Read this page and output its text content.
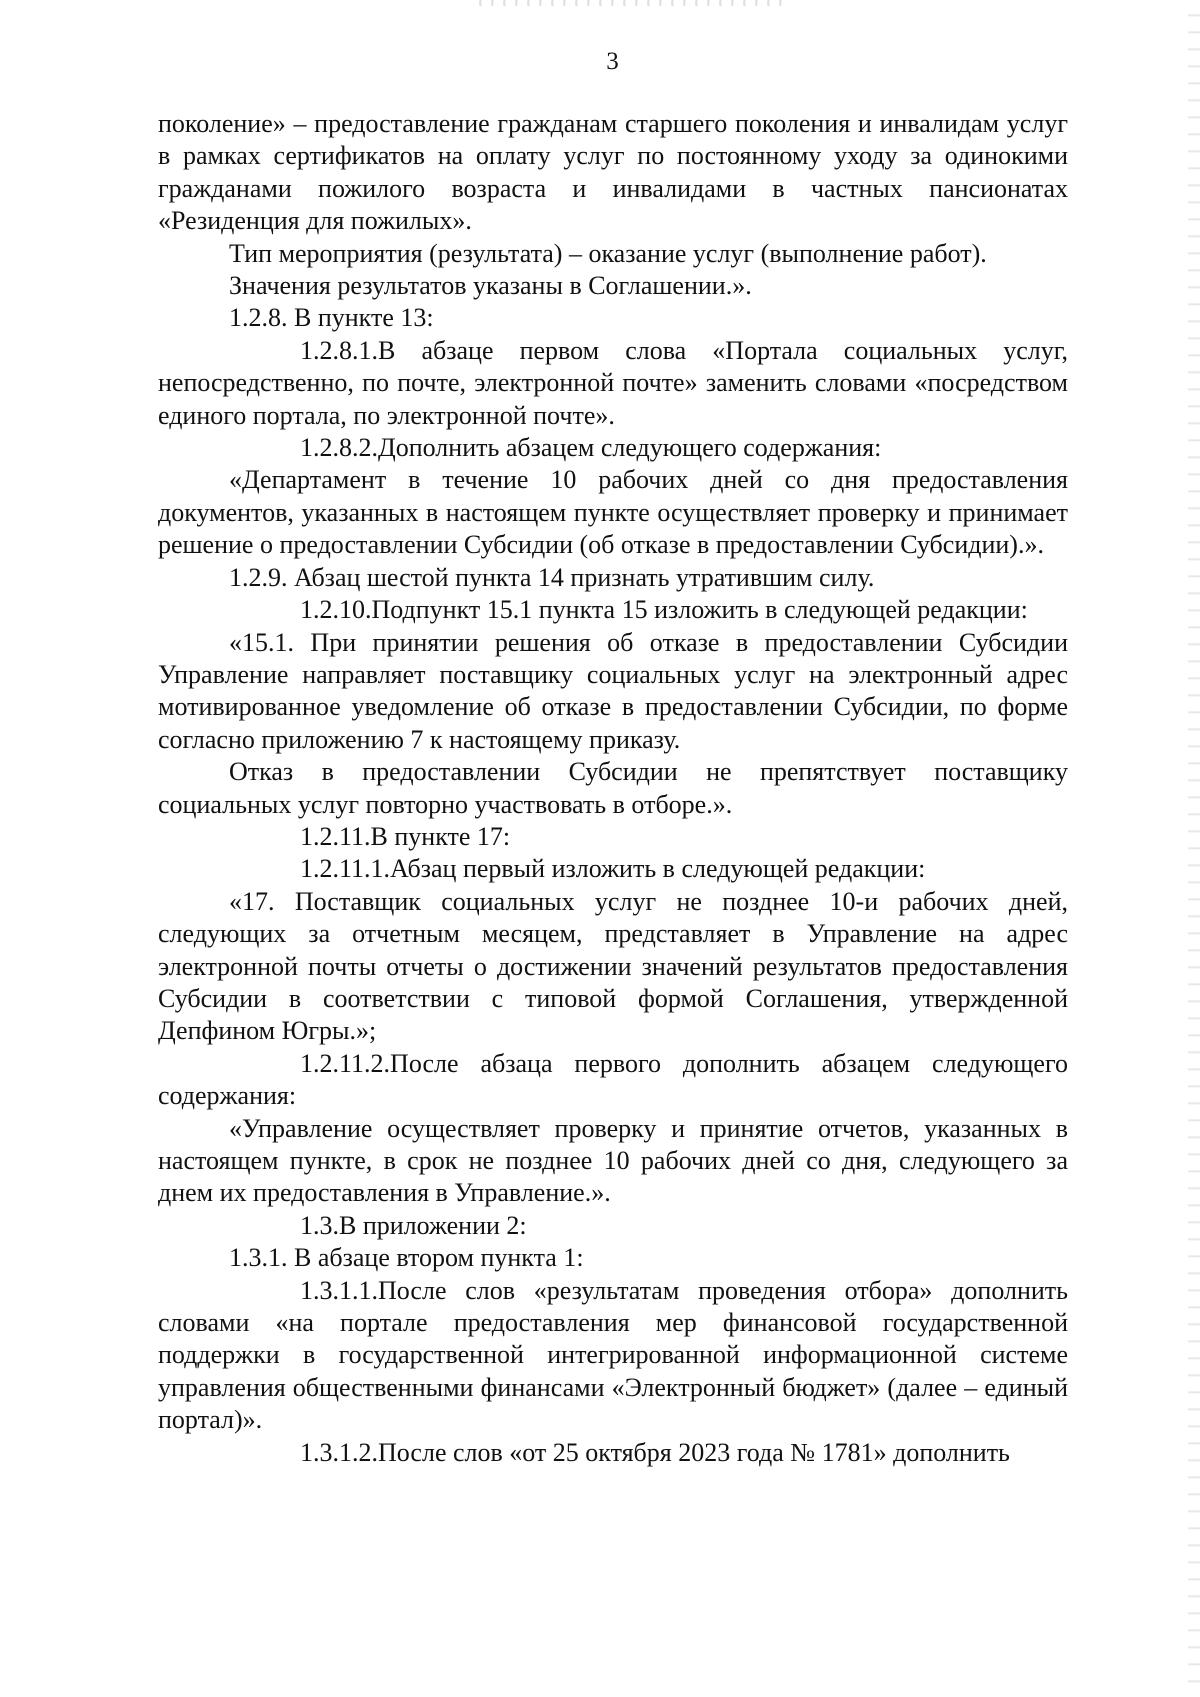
3

поколение» – предоставление гражданам старшего поколения и инвалидам услуг в рамках сертификатов на оплату услуг по постоянному уходу за одинокими гражданами пожилого возраста и инвалидами в частных пансионатах «Резиденция для пожилых».

Тип мероприятия (результата) – оказание услуг (выполнение работ).

Значения результатов указаны в Соглашении.».

1.2.8. В пункте 13:

1.2.8.1.В абзаце первом слова «Портала социальных услуг, непосредственно, по почте, электронной почте» заменить словами «посредством единого портала, по электронной почте».

1.2.8.2.Дополнить абзацем следующего содержания:

«Департамент в течение 10 рабочих дней со дня предоставления документов, указанных в настоящем пункте осуществляет проверку и принимает решение о предоставлении Субсидии (об отказе в предоставлении Субсидии).».

1.2.9. Абзац шестой пункта 14 признать утратившим силу.

1.2.10.Подпункт 15.1 пункта 15 изложить в следующей редакции:

«15.1. При принятии решения об отказе в предоставлении Субсидии Управление направляет поставщику социальных услуг на электронный адрес мотивированное уведомление об отказе в предоставлении Субсидии, по форме согласно приложению 7 к настоящему приказу.

Отказ в предоставлении Субсидии не препятствует поставщику социальных услуг повторно участвовать в отборе.».

1.2.11.В пункте 17:

1.2.11.1.Абзац первый изложить в следующей редакции:

«17. Поставщик социальных услуг не позднее 10-и рабочих дней, следующих за отчетным месяцем, представляет в Управление на адрес электронной почты отчеты о достижении значений результатов предоставления Субсидии в соответствии с типовой формой Соглашения, утвержденной Депфином Югры.»;

1.2.11.2.После абзаца первого дополнить абзацем следующего содержания:

«Управление осуществляет проверку и принятие отчетов, указанных в настоящем пункте, в срок не позднее 10 рабочих дней со дня, следующего за днем их предоставления в Управление.».

1.3.В приложении 2:

1.3.1. В абзаце втором пункта 1:

1.3.1.1.После слов «результатам проведения отбора» дополнить словами «на портале предоставления мер финансовой государственной поддержки в государственной интегрированной информационной системе управления общественными финансами «Электронный бюджет» (далее – единый портал)».

1.3.1.2.После слов «от 25 октября 2023 года № 1781» дополнить
